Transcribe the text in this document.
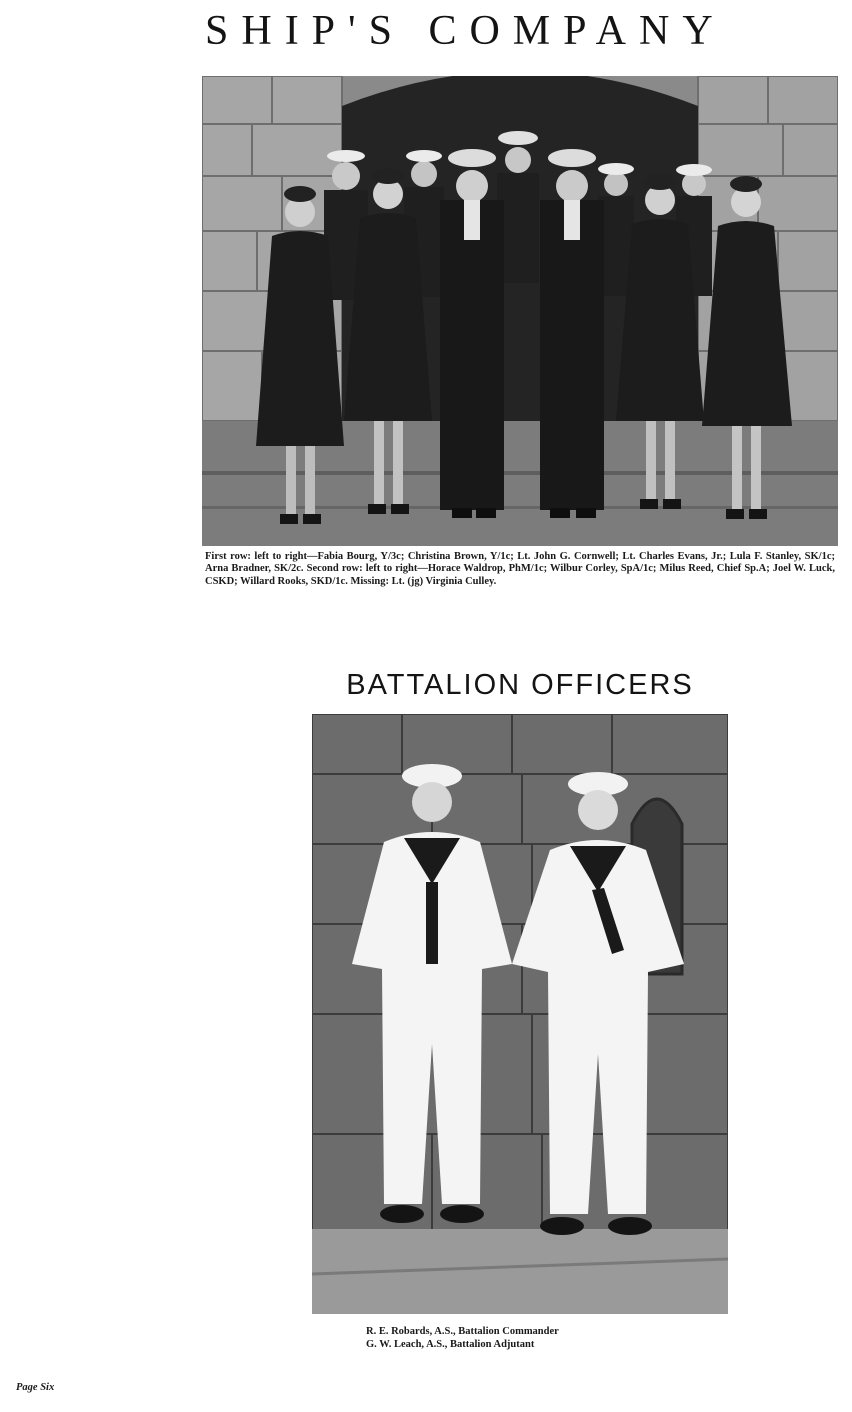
SHIP'S COMPANY
First row: left to right—Fabia Bourg, Y/3c; Christina Brown, Y/1c; Lt. John G. Cornwell; Lt. Charles Evans, Jr.; Lula F. Stanley, SK/1c; Arna Bradner, SK/2c. Second row: left to right—Horace Waldrop, PhM/1c; Wilbur Corley, SpA/1c; Milus Reed, Chief Sp.A; Joel W. Luck, CSKD; Willard Rooks, SKD/1c. Missing: Lt. (jg) Virginia Culley.
BATTALION OFFICERS
R. E. Robards, A.S., Battalion Commander
G. W. Leach, A.S., Battalion Adjutant
Page Six
